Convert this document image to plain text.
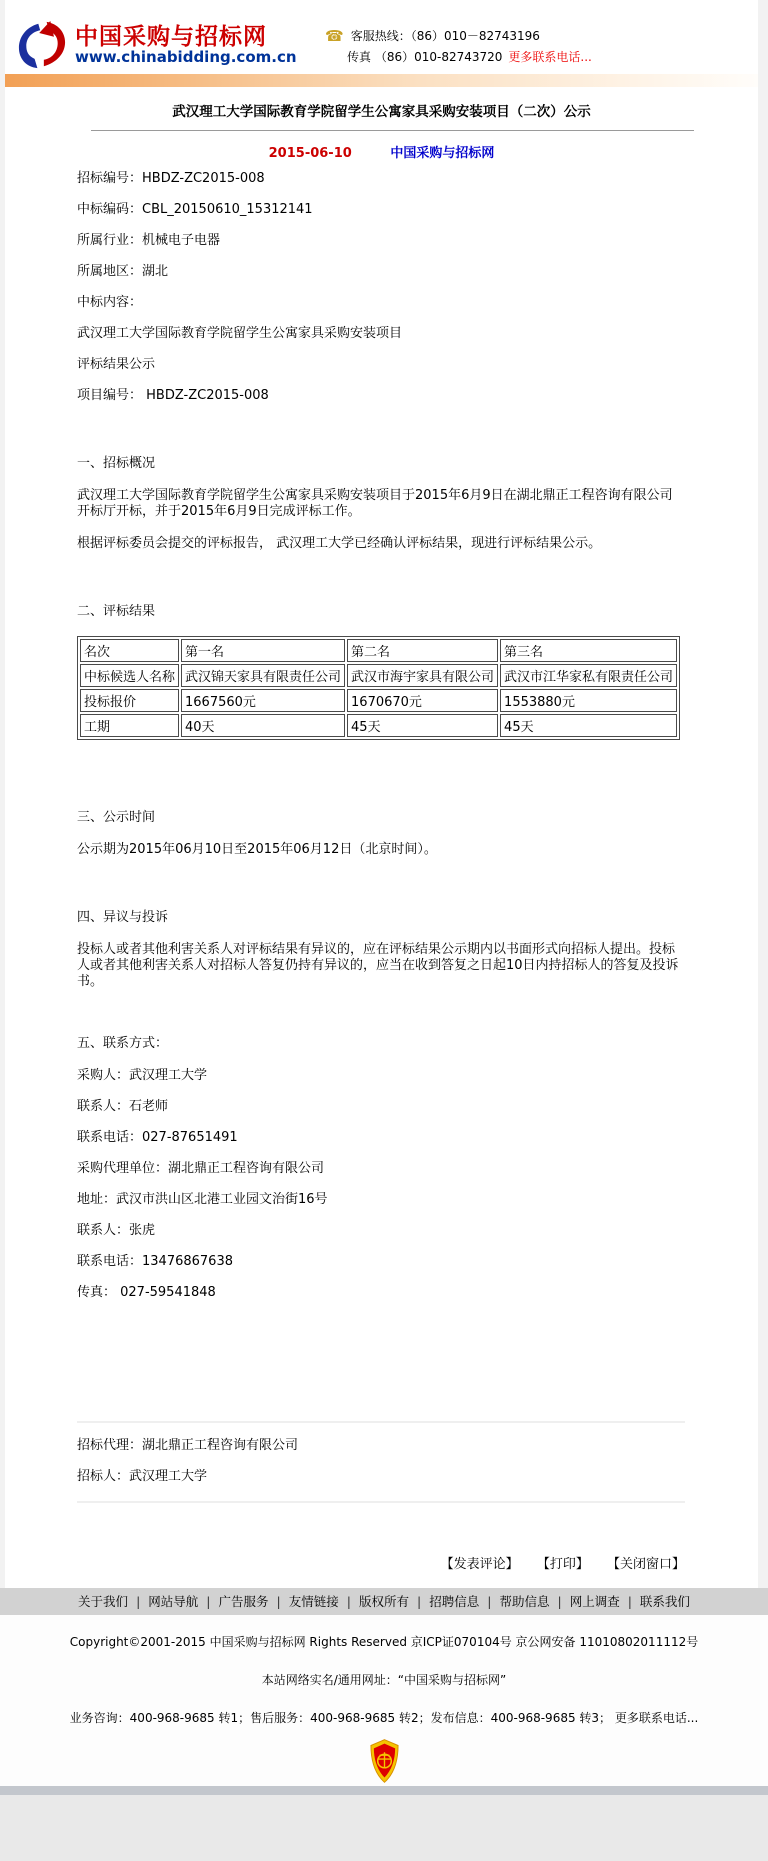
中国采购与招标网
www.chinabidding.com.cn
☎ 客服热线：（86）010－82743196
传真 （86）010-82743720 更多联系电话...
武汉理工大学国际教育学院留学生公寓家具采购安装项目（二次）公示
2015-06-10	中国采购与招标网

招标编号：HBDZ-ZC2015-008

中标编码：CBL_20150610_15312141

所属行业：机械电子电器

所属地区：湖北

中标内容：

武汉理工大学国际教育学院留学生公寓家具采购安装项目

评标结果公示

项目编号： HBDZ-ZC2015-008

一、招标概况

武汉理工大学国际教育学院留学生公寓家具采购安装项目于2015年6月9日在湖北鼎正工程咨询有限公司开标厅开标，并于2015年6月9日完成评标工作。

根据评标委员会提交的评标报告， 武汉理工大学已经确认评标结果，现进行评标结果公示。

二、评标结果

名次	第一名	第二名	第三名
中标候选人名称	武汉锦天家具有限责任公司	武汉市海宇家具有限公司	武汉市江华家私有限责任公司
投标报价	1667560元	1670670元	1553880元
工期	40天	45天	45天

三、公示时间

公示期为2015年06月10日至2015年06月12日（北京时间）。

四、异议与投诉

投标人或者其他利害关系人对评标结果有异议的，应在评标结果公示期内以书面形式向招标人提出。投标人或者其他利害关系人对招标人答复仍持有异议的，应当在收到答复之日起10日内持招标人的答复及投诉书。

五、联系方式：

采购人：武汉理工大学

联系人：石老师

联系电话：027-87651491

采购代理单位：湖北鼎正工程咨询有限公司

地址：武汉市洪山区北港工业园文治街16号

联系人：张虎

联系电话：13476867638

传真： 027-59541848

招标代理：湖北鼎正工程咨询有限公司

招标人：武汉理工大学

【发表评论】 【打印】 【关闭窗口】
关于我们 | 网站导航 | 广告服务 | 友情链接 | 版权所有 | 招聘信息 | 帮助信息 | 网上调查 | 联系我们
Copyright©2001-2015 中国采购与招标网 Rights Reserved 京ICP证070104号 京公网安备 11010802011112号
本站网络实名/通用网址：“中国采购与招标网”
业务咨询：400-968-9685 转1；售后服务：400-968-9685 转2；发布信息：400-968-9685 转3； 更多联系电话...
